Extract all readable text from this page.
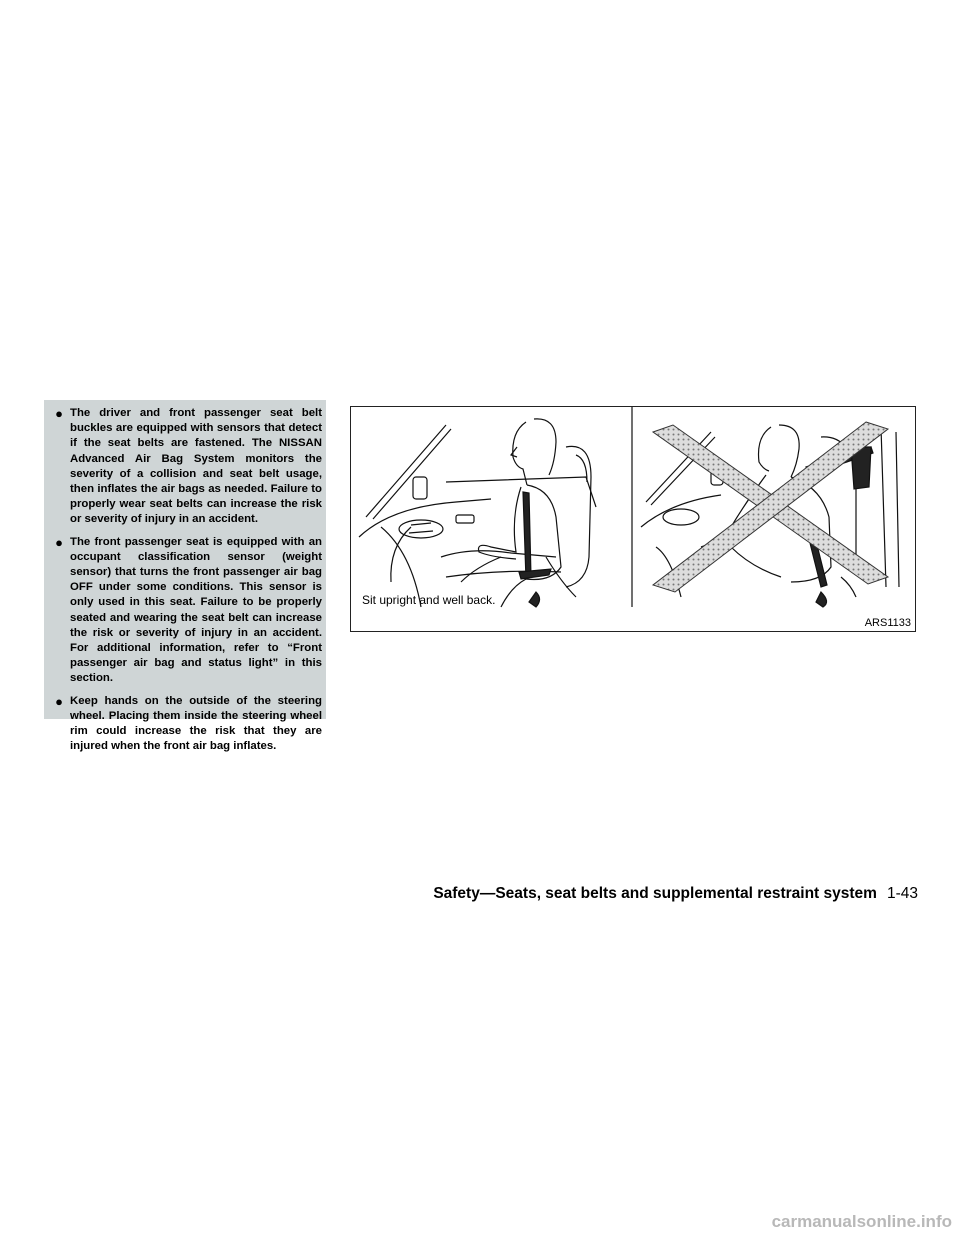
● The driver and front passenger seat belt buckles are equipped with sensors that detect if the seat belts are fastened. The NISSAN Advanced Air Bag System monitors the severity of a collision and seat belt usage, then inflates the air bags as needed. Failure to properly wear seat belts can increase the risk or severity of injury in an accident.
● The front passenger seat is equipped with an occupant classification sensor (weight sensor) that turns the front passenger air bag OFF under some conditions. This sensor is only used in this seat. Failure to be properly seated and wearing the seat belt can increase the risk or severity of injury in an accident. For additional information, refer to “Front passenger air bag and status light” in this section.
● Keep hands on the outside of the steering wheel. Placing them inside the steering wheel rim could increase the risk that they are injured when the front air bag inflates.
Sit upright and well back.
ARS1133
Safety—Seats, seat belts and supplemental restraint system 1-43
carmanualsonline.info
